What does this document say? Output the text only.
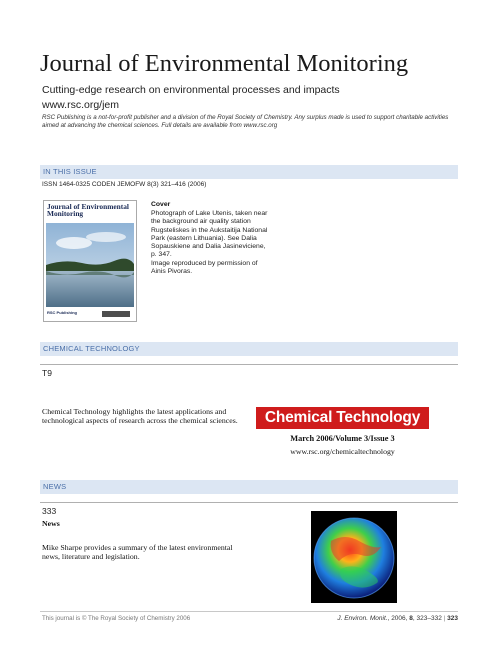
Journal of Environmental Monitoring
Cutting-edge research on environmental processes and impacts
www.rsc.org/jem
RSC Publishing is a not-for-profit publisher and a division of the Royal Society of Chemistry. Any surplus made is used to support charitable activities aimed at advancing the chemical sciences. Full details are available from www.rsc.org
IN THIS ISSUE
ISSN 1464-0325 CODEN JEMOFW 8(3) 321–416 (2006)
Journal of Environmental Monitoring
RSC Publishing
Cover
Photograph of Lake Utenis, taken near the background air quality station Rugsteliskes in the Aukstaitija National Park (eastern Lithuania). See Dalia Sopauskiene and Dalia Jasineviciene, p. 347.
Image reproduced by permission of Ainis Pivoras.
CHEMICAL TECHNOLOGY
T9
Chemical Technology highlights the latest applications and technological aspects of research across the chemical sciences.	Chemical Technology
March 2006/Volume 3/Issue 3
www.rsc.org/chemicaltechnology
NEWS
333
News
Mike Sharpe provides a summary of the latest environmental news, literature and legislation.
This journal is © The Royal Society of Chemistry 2006	J. Environ. Monit., 2006, 8, 323–332 | 323
